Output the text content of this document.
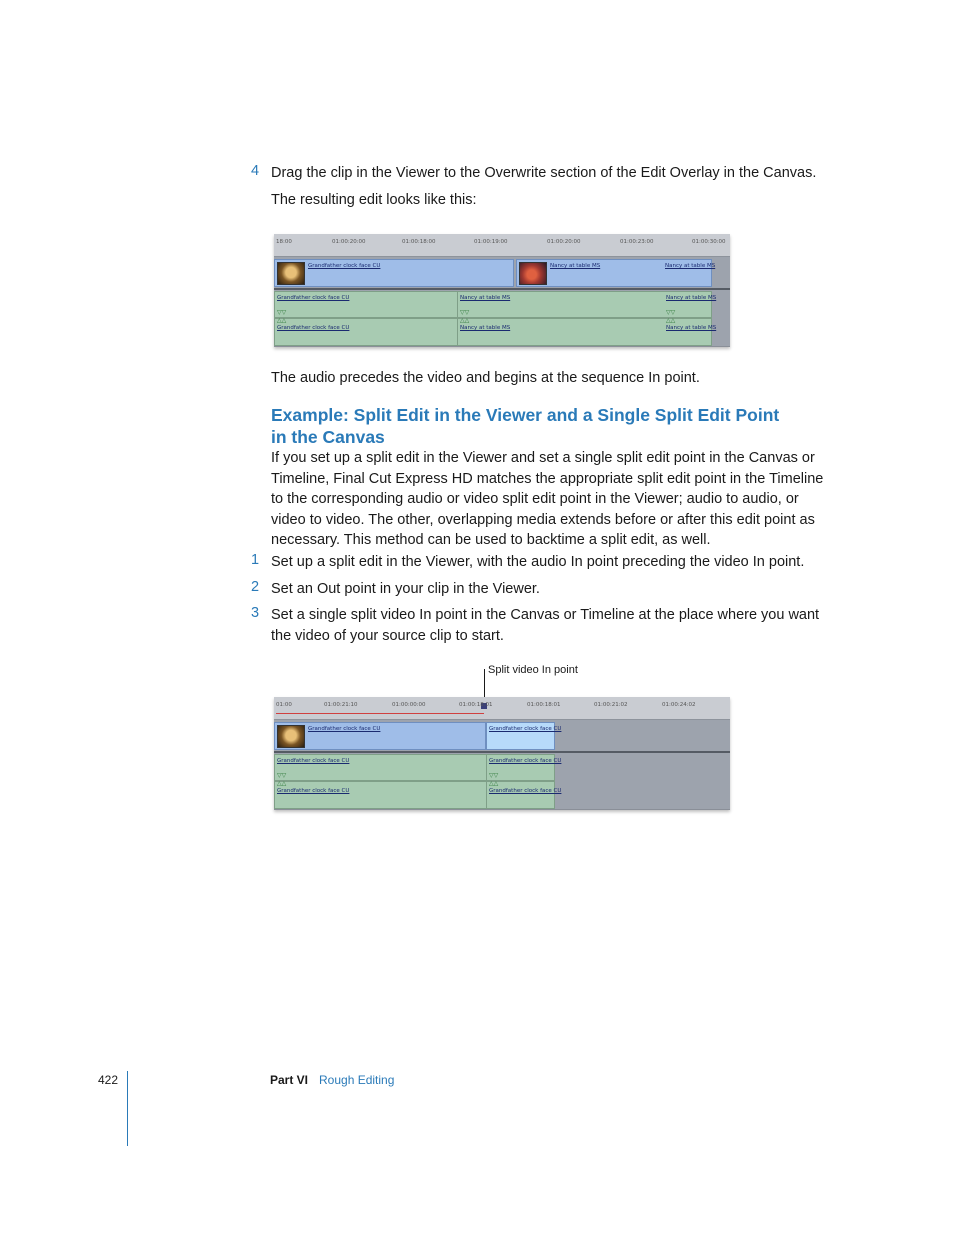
4 Drag the clip in the Viewer to the Overwrite section of the Edit Overlay in the Canvas.
The resulting edit looks like this:
18:00	01:00:20:00	01:00:18:00	01:00:19:00	01:00:20:00	01:00:23:00	01:00:30:00
Grandfather clock face CU	Nancy at table MS	Nancy at table MS
Grandfather clock face CU	Nancy at table MS	Nancy at table MS
▽▽	▽▽	▽▽
△△	△△	△△
Grandfather clock face CU	Nancy at table MS	Nancy at table MS
The audio precedes the video and begins at the sequence In point.
Example: Split Edit in the Viewer and a Single Split Edit Point
in the Canvas
If you set up a split edit in the Viewer and set a single split edit point in the Canvas or
Timeline, Final Cut Express HD matches the appropriate split edit point in the Timeline
to the corresponding audio or video split edit point in the Viewer; audio to audio, or
video to video. The other, overlapping media extends before or after this edit point as
necessary. This method can be used to backtime a split edit, as well.
1 Set up a split edit in the Viewer, with the audio In point preceding the video In point.
2 Set an Out point in your clip in the Viewer.
3 Set a single split video In point in the Canvas or Timeline at the place where you want
the video of your source clip to start.
Split video In point
01:00	01:00:21:10	01:00:00:00	01:00:18:01	01:00:18:01	01:00:21:02	01:00:24:02
Grandfather clock face CU	Grandfather clock face CU
Grandfather clock face CU	Grandfather clock face CU
▽▽	▽▽
△△	△△
Grandfather clock face CU	Grandfather clock face CU
422	Part VI Rough Editing
